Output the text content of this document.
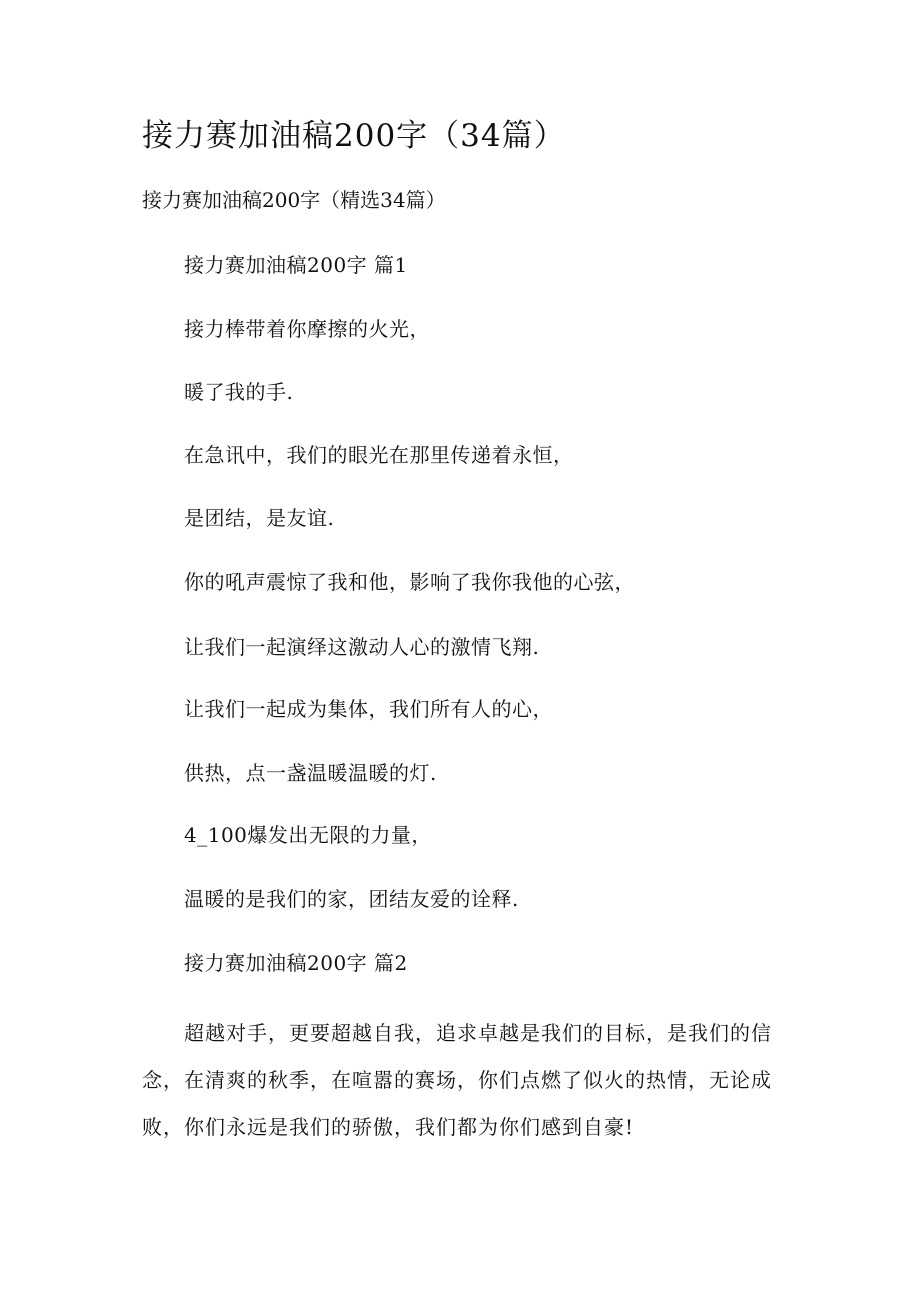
接力赛加油稿200字（34篇）
接力赛加油稿200字（精选34篇）
接力赛加油稿200字 篇1
接力棒带着你摩擦的火光，
暖了我的手.
在急讯中，我们的眼光在那里传递着永恒，
是团结，是友谊.
你的吼声震惊了我和他，影响了我你我他的心弦，
让我们一起演绎这激动人心的激情飞翔.
让我们一起成为集体，我们所有人的心，
供热，点一盏温暖温暖的灯.
4_100爆发出无限的力量，
温暖的是我们的家，团结友爱的诠释.
接力赛加油稿200字 篇2
超越对手，更要超越自我，追求卓越是我们的目标，是我们的信念，在清爽的秋季，在喧嚣的赛场，你们点燃了似火的热情，无论成败，你们永远是我们的骄傲，我们都为你们感到自豪!
